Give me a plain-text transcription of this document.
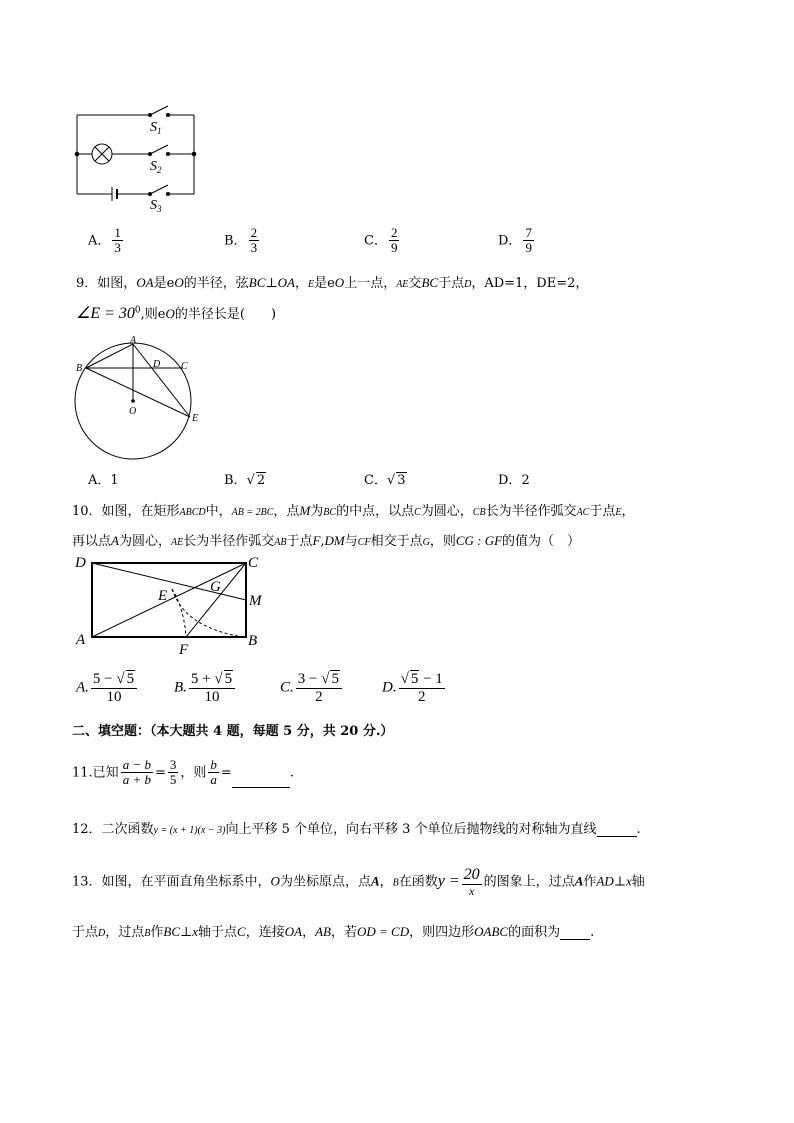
$S_1$
$S_2$
$S_3$
A． $\frac{1}{3}$	B． $\frac{2}{3}$	C． $\frac{2}{9}$	D． $\frac{7}{9}$
9．如图，OA是eO的半径，弦BC⊥OA，E是eO上一点，AE交BC于点D，AD=1，DE=2，
∠E = $30^0$,则eO的半径长是(　　)
A
B	D C
O
E
A．1	B．√ 2	C．√ 3	D．2
10．如图，在矩形ABCD中，AB = 2BC，点M为BC的中点，以点C为圆心，CB长为半径作弧交AC于点E，
再以点A为圆心，AE长为半径作弧交AB于点F,DM与CF相交于点G，则CG : GF的值为（　）
D	C
G
E	M
A
F
B
A. $\frac{5 - √ 5}{10} B$. $\frac{5 + √ 5}{10}$	C. $\frac{3 - √ 5}{2}$	D. $\frac{√ 5 - 1}{2}$
二、填空题：（本大题共 4 题，每题 5 分，共 20 分.）
11.已知 $\frac{a - b}{a + b} = \frac{3}{5}$ ，则 $\frac{b}{a}$ =	.
12．二次函数y = (x + 1)(x − 3)向上平移 5 个单位，向右平移 3 个单位后抛物线的对称轴为直线	.
13．如图，在平面直角坐标系中，O为坐标原点，点A，B在函数$y = \frac{20}{x}$ 的图象上，过点A作AD⊥x轴
于点D，过点B作BC⊥x轴于点C，连接OA，AB，若OD = CD，则四边形OABC的面积为 .
